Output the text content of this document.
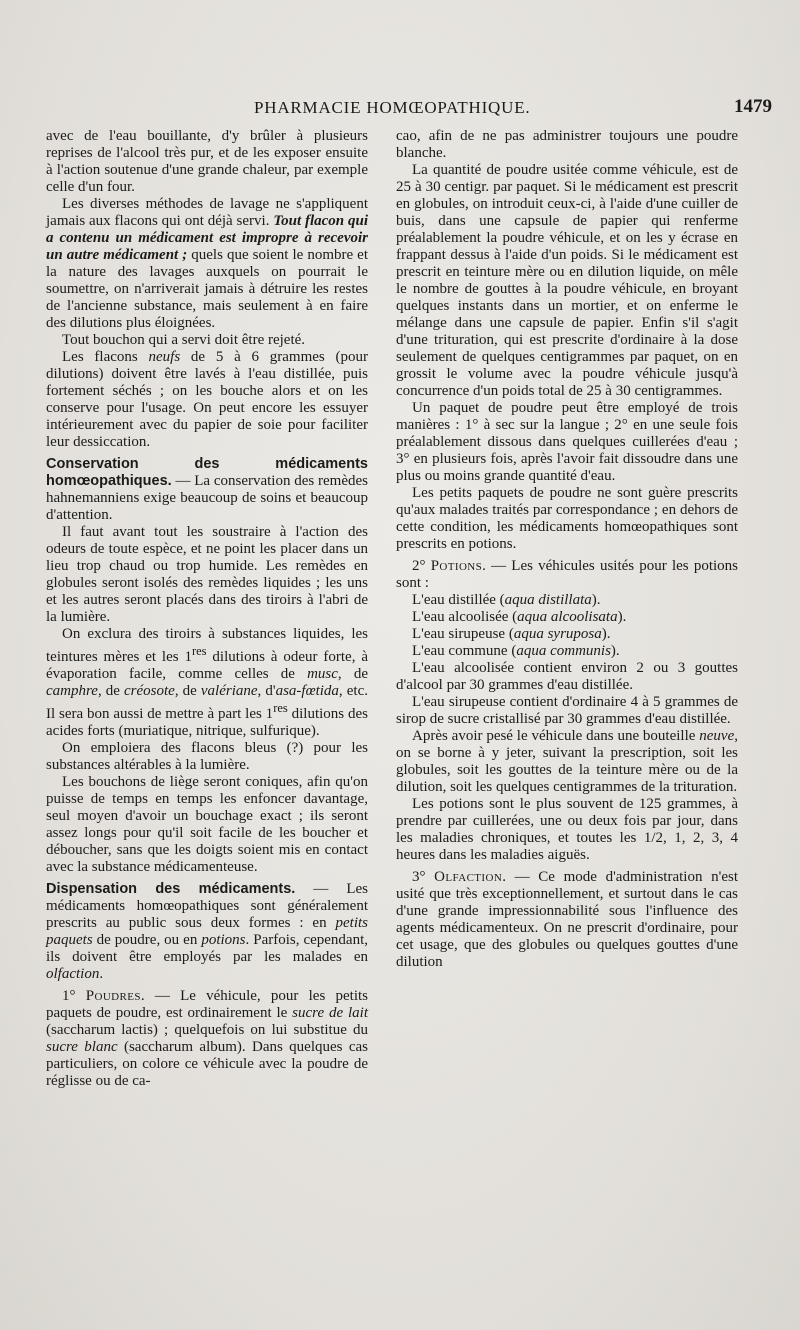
PHARMACIE HOMŒOPATHIQUE.	1479

avec de l'eau bouillante, d'y brûler à plusieurs reprises de l'alcool très pur, et de les exposer ensuite à l'action soutenue d'une grande chaleur, par exemple celle d'un four.

Les diverses méthodes de lavage ne s'appliquent jamais aux flacons qui ont déjà servi. Tout flacon qui a contenu un médicament est impropre à recevoir un autre médicament ; quels que soient le nombre et la nature des lavages auxquels on pourrait le soumettre, on n'arriverait jamais à détruire les restes de l'ancienne substance, mais seulement à en faire des dilutions plus éloignées.

Tout bouchon qui a servi doit être rejeté.

Les flacons neufs de 5 à 6 grammes (pour dilutions) doivent être lavés à l'eau distillée, puis fortement séchés ; on les bouche alors et on les conserve pour l'usage. On peut encore les essuyer intérieurement avec du papier de soie pour faciliter leur dessiccation.

Conservation des médicaments homœopathiques. — La conservation des remèdes hahnemanniens exige beaucoup de soins et beaucoup d'attention.

Il faut avant tout les soustraire à l'action des odeurs de toute espèce, et ne point les placer dans un lieu trop chaud ou trop humide. Les remèdes en globules seront isolés des remèdes liquides ; les uns et les autres seront placés dans des tiroirs à l'abri de la lumière.

On exclura des tiroirs à substances liquides, les teintures mères et les 1res dilutions à odeur forte, à évaporation facile, comme celles de musc, de camphre, de créosote, de valériane, d'asa-fœtida, etc. Il sera bon aussi de mettre à part les 1res dilutions des acides forts (muriatique, nitrique, sulfurique).

On emploiera des flacons bleus (?) pour les substances altérables à la lumière.

Les bouchons de liège seront coniques, afin qu'on puisse de temps en temps les enfoncer davantage, seul moyen d'avoir un bouchage exact ; ils seront assez longs pour qu'il soit facile de les boucher et déboucher, sans que les doigts soient mis en contact avec la substance médicamenteuse.

Dispensation des médicaments. — Les médicaments homœopathiques sont généralement prescrits au public sous deux formes : en petits paquets de poudre, ou en potions. Parfois, cependant, ils doivent être employés par les malades en olfaction.

1° Poudres. — Le véhicule, pour les petits paquets de poudre, est ordinairement le sucre de lait (saccharum lactis) ; quelquefois on lui substitue du sucre blanc (saccharum album). Dans quelques cas particuliers, on colore ce véhicule avec la poudre de réglisse ou de ca-

cao, afin de ne pas administrer toujours une poudre blanche.

La quantité de poudre usitée comme véhicule, est de 25 à 30 centigr. par paquet. Si le médicament est prescrit en globules, on introduit ceux-ci, à l'aide d'une cuiller de buis, dans une capsule de papier qui renferme préalablement la poudre véhicule, et on les y écrase en frappant dessus à l'aide d'un poids. Si le médicament est prescrit en teinture mère ou en dilution liquide, on mêle le nombre de gouttes à la poudre véhicule, en broyant quelques instants dans un mortier, et on enferme le mélange dans une capsule de papier. Enfin s'il s'agit d'une trituration, qui est prescrite d'ordinaire à la dose seulement de quelques centigrammes par paquet, on en grossit le volume avec la poudre véhicule jusqu'à concurrence d'un poids total de 25 à 30 centigrammes.

Un paquet de poudre peut être employé de trois manières : 1° à sec sur la langue ; 2° en une seule fois préalablement dissous dans quelques cuillerées d'eau ; 3° en plusieurs fois, après l'avoir fait dissoudre dans une plus ou moins grande quantité d'eau.

Les petits paquets de poudre ne sont guère prescrits qu'aux malades traités par correspondance ; en dehors de cette condition, les médicaments homœopathiques sont prescrits en potions.

2° Potions. — Les véhicules usités pour les potions sont :

L'eau distillée (aqua distillata).

L'eau alcoolisée (aqua alcoolisata).

L'eau sirupeuse (aqua syruposa).

L'eau commune (aqua communis).

L'eau alcoolisée contient environ 2 ou 3 gouttes d'alcool par 30 grammes d'eau distillée.

L'eau sirupeuse contient d'ordinaire 4 à 5 grammes de sirop de sucre cristallisé par 30 grammes d'eau distillée.

Après avoir pesé le véhicule dans une bouteille neuve, on se borne à y jeter, suivant la prescription, soit les globules, soit les gouttes de la teinture mère ou de la dilution, soit les quelques centigrammes de la trituration.

Les potions sont le plus souvent de 125 grammes, à prendre par cuillerées, une ou deux fois par jour, dans les maladies chroniques, et toutes les 1/2, 1, 2, 3, 4 heures dans les maladies aiguës.

3° Olfaction. — Ce mode d'administration n'est usité que très exceptionnellement, et surtout dans le cas d'une grande impressionnabilité sous l'influence des agents médicamenteux. On ne prescrit d'ordinaire, pour cet usage, que des globules ou quelques gouttes d'une dilution
